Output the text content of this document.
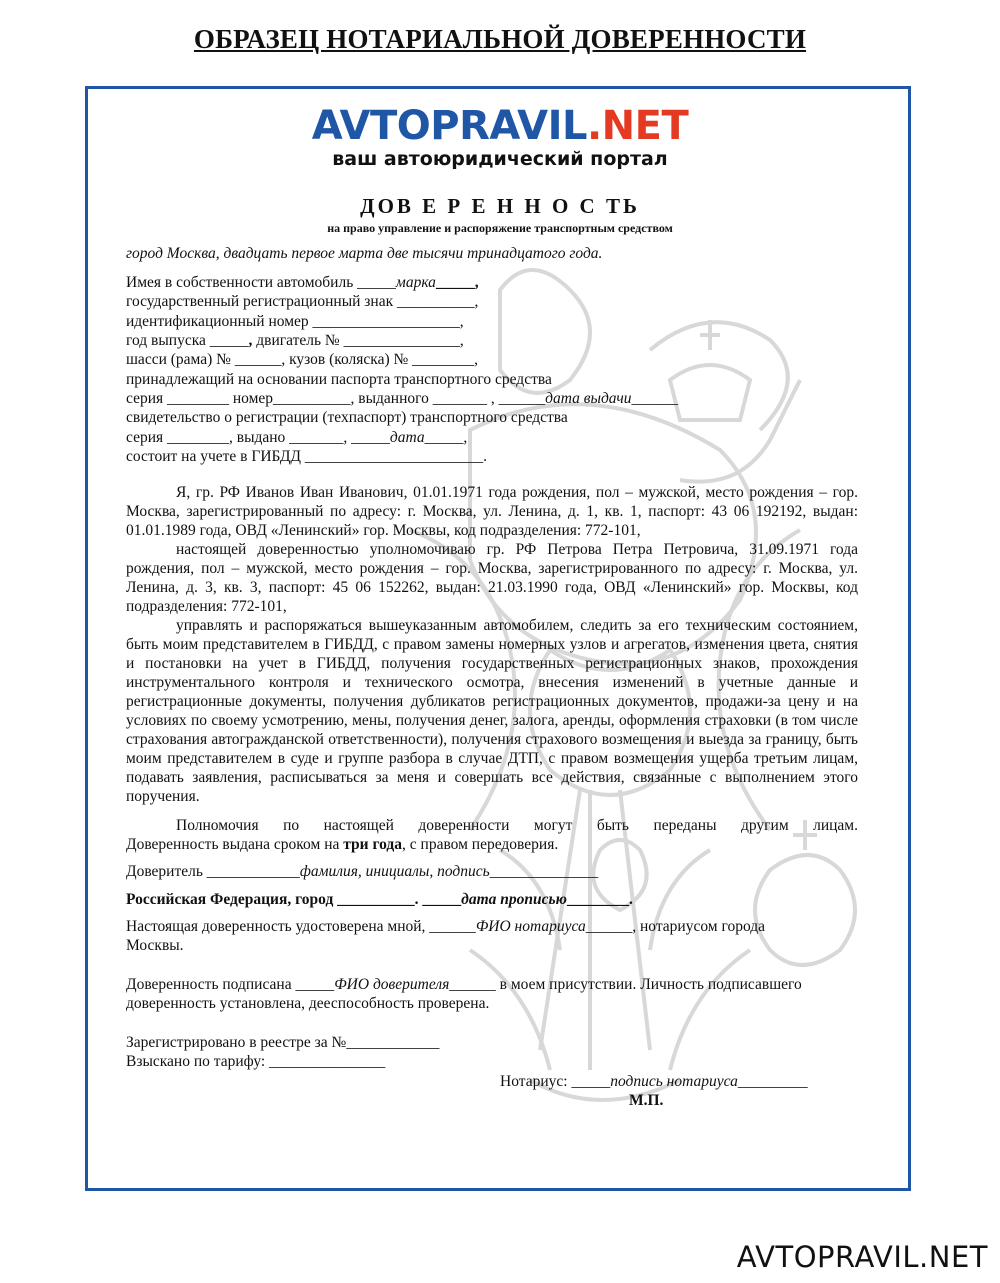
ОБРАЗЕЦ НОТАРИАЛЬНОЙ ДОВЕРЕННОСТИ
AVTOPRAVIL.NET
ваш автоюридический портал
ДОВ Е Р Е Н Н О С ТЬ
на право управление и распоряжение транспортным средством
город Москва, двадцать первое марта две тысячи тринадцатого года.
Имея в собственности автомобиль _____марка_____,
государственный регистрационный знак __________,
идентификационный номер ___________________,
год выпуска _____, двигатель № _______________,
шасси (рама) № ______, кузов (коляска) № ________,
принадлежащий на основании паспорта транспортного средства
серия ________ номер__________, выданного _______ , ______дата выдачи______
свидетельство о регистрации (техпаспорт) транспортного средства
серия ________, выдано _______, _____дата_____,
состоит на учете в ГИБДД _______________________.

Я, гр. РФ Иванов Иван Иванович, 01.01.1971 года рождения, пол – мужской, место рождения – гор. Москва, зарегистрированный по адресу: г. Москва, ул. Ленина, д. 1, кв. 1, паспорт: 43 06 192192, выдан: 01.01.1989 года, ОВД «Ленинский» гор. Москвы, код подразделения: 772-101,

настоящей доверенностью уполномочиваю гр. РФ Петрова Петра Петровича, 31.09.1971 года рождения, пол – мужской, место рождения – гор. Москва, зарегистрированного по адресу: г. Москва, ул. Ленина, д. 3, кв. 3, паспорт: 45 06 152262, выдан: 21.03.1990 года, ОВД «Ленинский» гор. Москвы, код подразделения: 772-101,

управлять и распоряжаться вышеуказанным автомобилем, следить за его техническим состоянием, быть моим представителем в ГИБДД, с правом замены номерных узлов и агрегатов, изменения цвета, снятия и постановки на учет в ГИБДД, получения государственных регистрационных знаков, прохождения инструментального контроля и технического осмотра, внесения изменений в учетные данные и регистрационные документы, получения дубликатов регистрационных документов, продажи-за цену и на условиях по своему усмотрению, мены, получения денег, залога, аренды, оформления страховки (в том числе страхования автогражданской ответственности), получения страхового возмещения и выезда за границу, быть моим представителем в суде и группе разбора в случае ДТП, с правом возмещения ущерба третьим лицам, подавать заявления, расписываться за меня и совершать все действия, связанные с выполнением этого поручения.

Полномочия по настоящей доверенности могут быть переданы другим лицам.

Доверенность выдана сроком на три года, с правом передоверия.
Доверитель ____________фамилия, инициалы, подпись______________
Российская Федерация, город __________. _____дата прописью________.
Настоящая доверенность удостоверена мной, ______ФИО нотариуса______, нотариусом города
Москвы.
Доверенность подписана _____ФИО доверителя______ в моем присутствии. Личность подписавшего
доверенность установлена, дееспособность проверена.
Зарегистрировано в реестре за №____________
Взыскано по тарифу: _______________
Нотариус: _____подпись нотариуса_________
М.П.
AVTOPRAVIL.NET
